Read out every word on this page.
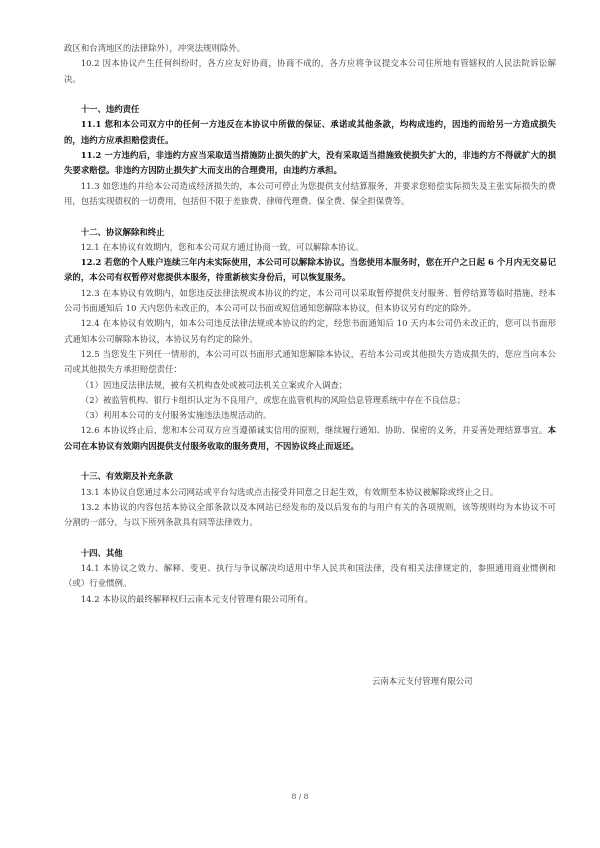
政区和台湾地区的法律除外），冲突法规则除外。

10.2 因本协议产生任何纠纷时，各方应友好协商，协商不成的，各方应将争议提交本公司住所地有管辖权的人民法院诉讼解决。

十一、违约责任

11.1 您和本公司双方中的任何一方违反在本协议中所做的保证、承诺或其他条款，均构成违约，因违约而给另一方造成损失的，违约方应承担赔偿责任。

11.2 一方违约后，非违约方应当采取适当措施防止损失的扩大，没有采取适当措施致使损失扩大的，非违约方不得就扩大的损失要求赔偿。非违约方因防止损失扩大而支出的合理费用，由违约方承担。

11.3 如您违约并给本公司造成经济损失的，本公司可停止为您提供支付结算服务，并要求您赔偿实际损失及主张实际损失的费用，包括实现债权的一切费用，包括但不限于差旅费、律师代理费、保全费、保全担保费等。

十二、协议解除和终止

12.1 在本协议有效期内，您和本公司双方通过协商一致，可以解除本协议。

12.2 若您的个人账户连续三年内未实际使用，本公司可以解除本协议。当您使用本服务时，您在开户之日起 6 个月内无交易记录的，本公司有权暂停对您提供本服务，待重新核实身份后，可以恢复服务。

12.3 在本协议有效期内，如您违反法律法规或本协议的约定，本公司可以采取暂停提供支付服务、暂停结算等临时措施，经本公司书面通知后 10 天内您仍未改正的，本公司可以书面或短信通知您解除本协议，但本协议另有约定的除外。

12.4 在本协议有效期内，如本公司违反法律法规或本协议的约定，经您书面通知后 10 天内本公司仍未改正的，您可以书面形式通知本公司解除本协议，本协议另有约定的除外。

12.5 当您发生下列任一情形的，本公司可以书面形式通知您解除本协议，若给本公司或其他损失方造成损失的，您应当向本公司或其他损失方承担赔偿责任：

（1）因违反法律法规，被有关机构查处或被司法机关立案或介入调查；

（2）被监管机构、银行卡组织认定为不良用户，或您在监管机构的风险信息管理系统中存在不良信息；

（3）利用本公司的支付服务实施违法违规活动的。

12.6 本协议终止后，您和本公司双方应当遵循诚实信用的原则，继续履行通知、协助、保密的义务，并妥善处理结算事宜。本公司在本协议有效期内因提供支付服务收取的服务费用，不因协议终止而返还。

十三、有效期及补充条款

13.1 本协议自您通过本公司网站或平台勾选或点击接受并同意之日起生效，有效期至本协议被解除或终止之日。

13.2 本协议的内容包括本协议全部条款以及本网站已经发布的及以后发布的与用户有关的各项规则，该等规则均为本协议不可分割的一部分，与以下所列条款具有同等法律效力。

十四、其他

14.1 本协议之效力、解释、变更、执行与争议解决均适用中华人民共和国法律，没有相关法律规定的，参照通用商业惯例和（或）行业惯例。

14.2 本协议的最终解释权归云南本元支付管理有限公司所有。

云南本元支付管理有限公司
8 / 8
